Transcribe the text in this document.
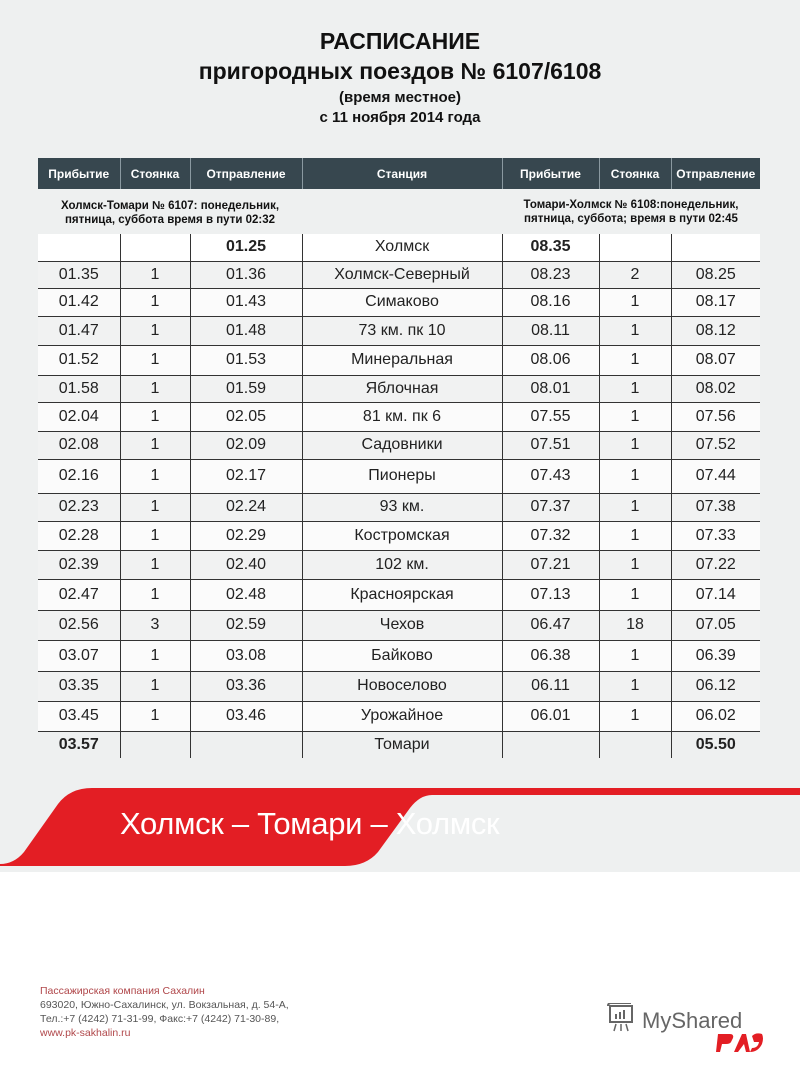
РАСПИСАНИЕ
пригородных поездов № 6107/6108
(время местное)
с 11 ноября 2014 года
Прибытие	Стоянка	Отправление	Станция	Прибытие	Стоянка	Отправление

Холмск-Томари № 6107: понедельник,
пятница, суббота время в пути 02:32

Томари-Холмск № 6108:понедельник,
пятница, суббота; время в пути 02:45

		01.25	Холмск	08.35		
01.35	1	01.36	Холмск-Северный	08.23	2	08.25
01.42	1	01.43	Симаково	08.16	1	08.17
01.47	1	01.48	73 км. пк 10	08.11	1	08.12
01.52	1	01.53	Минеральная	08.06	1	08.07
01.58	1	01.59	Яблочная	08.01	1	08.02
02.04	1	02.05	81 км. пк 6	07.55	1	07.56
02.08	1	02.09	Садовники	07.51	1	07.52
02.16	1	02.17	Пионеры	07.43	1	07.44
02.23	1	02.24	93 км.	07.37	1	07.38
02.28	1	02.29	Костромская	07.32	1	07.33
02.39	1	02.40	102 км.	07.21	1	07.22
02.47	1	02.48	Красноярская	07.13	1	07.14
02.56	3	02.59	Чехов	06.47	18	07.05
03.07	1	03.08	Байково	06.38	1	06.39
03.35	1	03.36	Новоселово	06.11	1	06.12
03.45	1	03.46	Урожайное	06.01	1	06.02
03.57			Томари			05.50
Холмск – Томари – Холмск
Пассажирская компания Сахалин
693020, Южно-Сахалинск, ул. Вокзальная, д. 54-А,
Тел.:+7 (4242) 71-31-99, Факс:+7 (4242) 71-30-89,
www.pk-sakhalin.ru
MyShared
